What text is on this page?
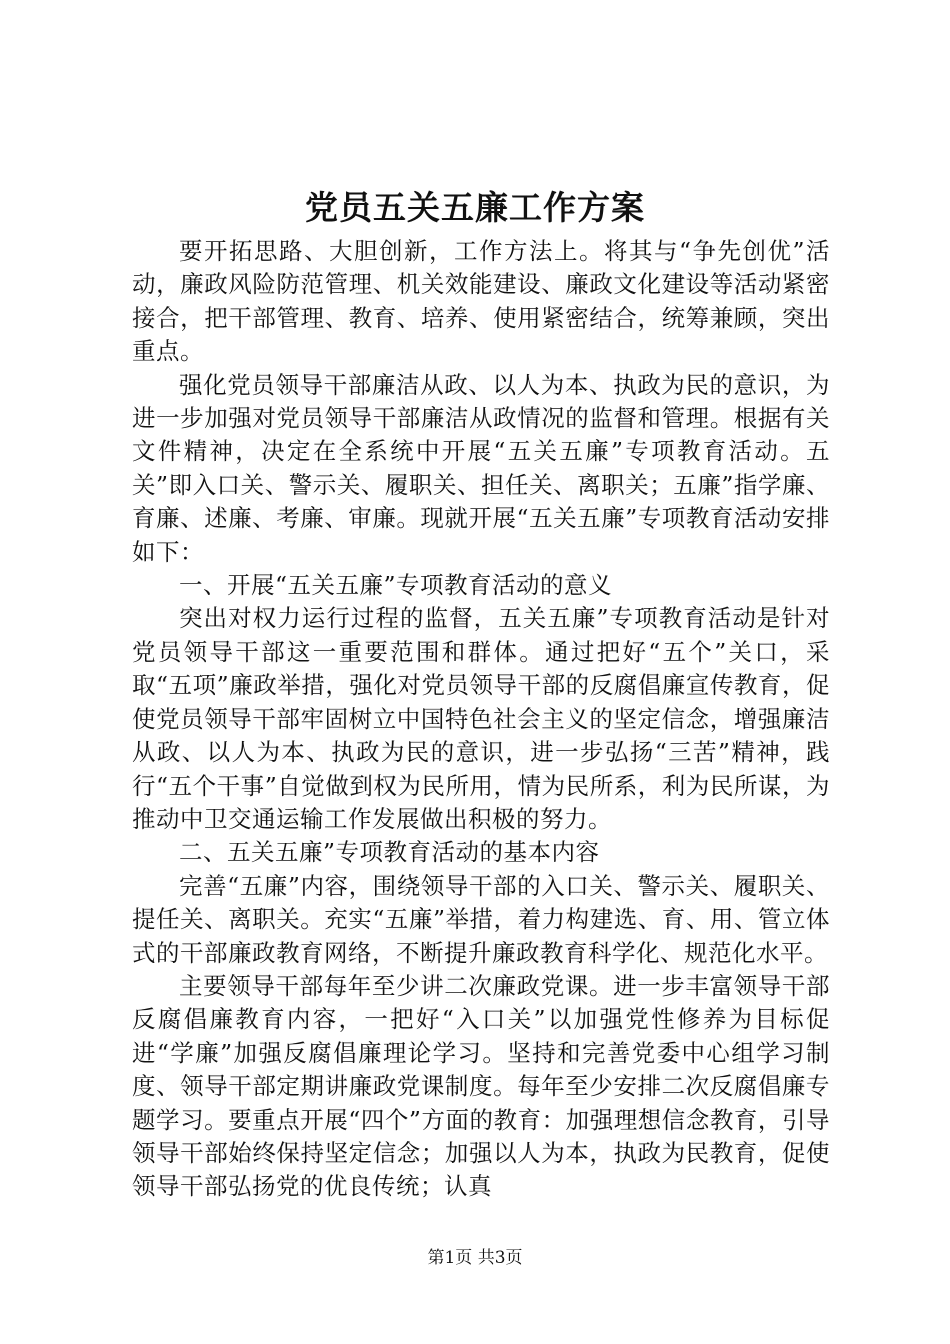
党员五关五廉工作方案

要开拓思路、大胆创新，工作方法上。将其与“争先创优”活动，廉政风险防范管理、机关效能建设、廉政文化建设等活动紧密接合，把干部管理、教育、培养、使用紧密结合，统筹兼顾，突出重点。

强化党员领导干部廉洁从政、以人为本、执政为民的意识，为进一步加强对党员领导干部廉洁从政情况的监督和管理。根据有关文件精神，决定在全系统中开展“五关五廉”专项教育活动。五关”即入口关、警示关、履职关、担任关、离职关；五廉”指学廉、育廉、述廉、考廉、审廉。现就开展“五关五廉”专项教育活动安排如下：

一、开展“五关五廉”专项教育活动的意义

突出对权力运行过程的监督，五关五廉”专项教育活动是针对党员领导干部这一重要范围和群体。通过把好“五个”关口，采取“五项”廉政举措，强化对党员领导干部的反腐倡廉宣传教育，促使党员领导干部牢固树立中国特色社会主义的坚定信念，增强廉洁从政、以人为本、执政为民的意识，进一步弘扬“三苦”精神，践行“五个干事”自觉做到权为民所用，情为民所系，利为民所谋，为推动中卫交通运输工作发展做出积极的努力。

二、五关五廉”专项教育活动的基本内容

完善“五廉”内容，围绕领导干部的入口关、警示关、履职关、提任关、离职关。充实“五廉”举措，着力构建选、育、用、管立体式的干部廉政教育网络，不断提升廉政教育科学化、规范化水平。

主要领导干部每年至少讲二次廉政党课。进一步丰富领导干部反腐倡廉教育内容，一把好“入口关”以加强党性修养为目标促进“学廉”加强反腐倡廉理论学习。坚持和完善党委中心组学习制度、领导干部定期讲廉政党课制度。每年至少安排二次反腐倡廉专题学习。要重点开展“四个”方面的教育：加强理想信念教育，引导领导干部始终保持坚定信念；加强以人为本，执政为民教育，促使领导干部弘扬党的优良传统；认真

第1页 共3页
